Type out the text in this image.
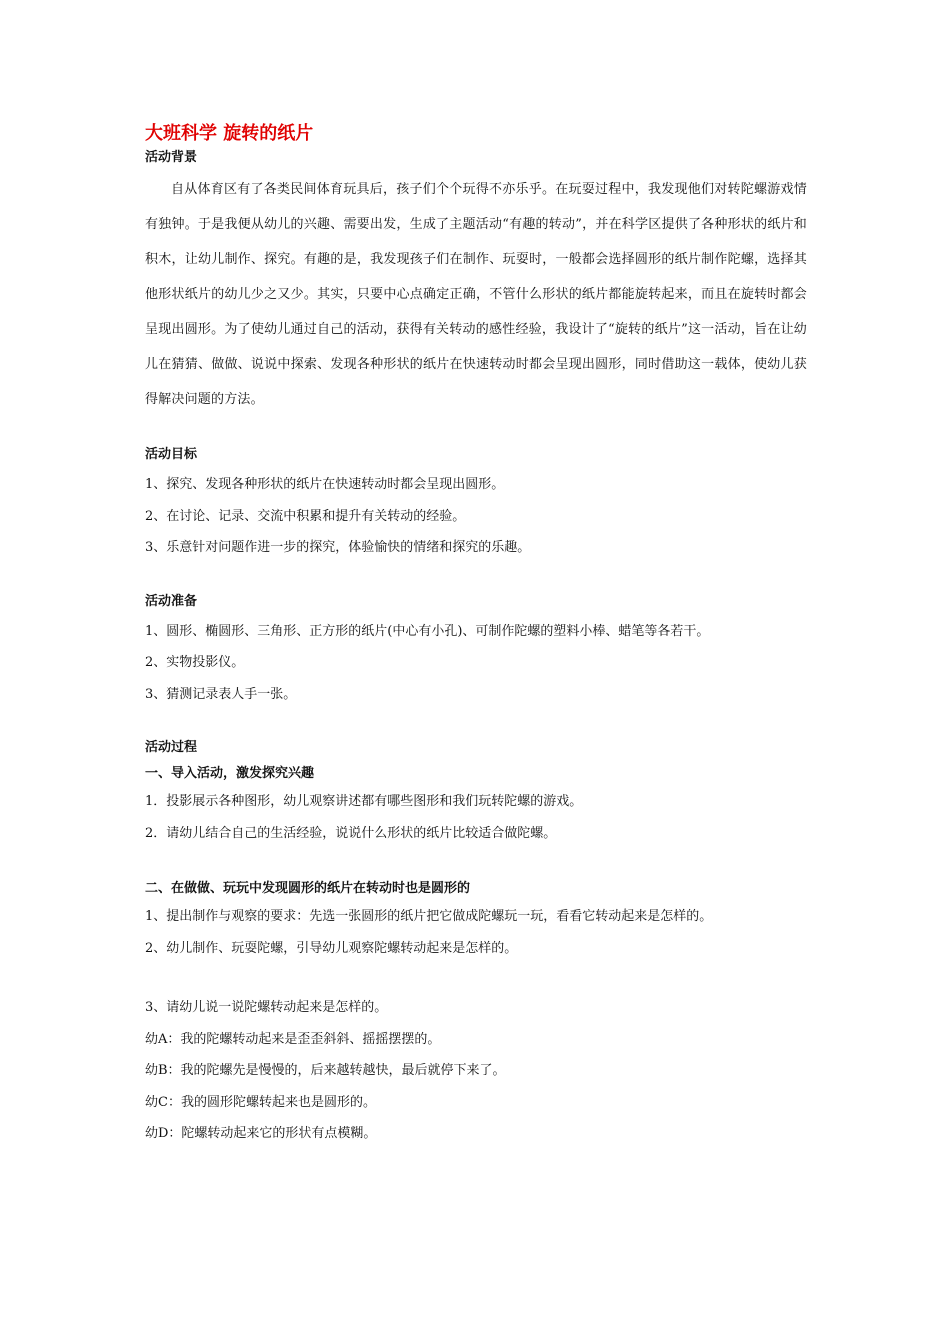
大班科学 旋转的纸片
活动背景

自从体育区有了各类民间体育玩具后，孩子们个个玩得不亦乐乎。在玩耍过程中，我发现他们对转陀螺游戏情有独钟。于是我便从幼儿的兴趣、需要出发，生成了主题活动“有趣的转动”，并在科学区提供了各种形状的纸片和积木，让幼儿制作、探究。有趣的是，我发现孩子们在制作、玩耍时，一般都会选择圆形的纸片制作陀螺，选择其他形状纸片的幼儿少之又少。其实，只要中心点确定正确，不管什么形状的纸片都能旋转起来，而且在旋转时都会呈现出圆形。为了使幼儿通过自己的活动，获得有关转动的感性经验，我设计了“旋转的纸片”这一活动，旨在让幼儿在猜猜、做做、说说中探索、发现各种形状的纸片在快速转动时都会呈现出圆形，同时借助这一载体，使幼儿获得解决问题的方法。

活动目标

1、探究、发现各种形状的纸片在快速转动时都会呈现出圆形。

2、在讨论、记录、交流中积累和提升有关转动的经验。

3、乐意针对问题作进一步的探究，体验愉快的情绪和探究的乐趣。

活动准备

1、圆形、椭圆形、三角形、正方形的纸片(中心有小孔)、可制作陀螺的塑料小棒、蜡笔等各若干。

2、实物投影仪。

3、猜测记录表人手一张。

活动过程
一、导入活动，激发探究兴趣

1．投影展示各种图形，幼儿观察讲述都有哪些图形和我们玩转陀螺的游戏。

2．请幼儿结合自己的生活经验，说说什么形状的纸片比较适合做陀螺。

二、在做做、玩玩中发现圆形的纸片在转动时也是圆形的

1、提出制作与观察的要求：先选一张圆形的纸片把它做成陀螺玩一玩，看看它转动起来是怎样的。

2、幼儿制作、玩耍陀螺，引导幼儿观察陀螺转动起来是怎样的。

3、请幼儿说一说陀螺转动起来是怎样的。

幼A：我的陀螺转动起来是歪歪斜斜、摇摇摆摆的。

幼B：我的陀螺先是慢慢的，后来越转越快，最后就停下来了。

幼C：我的圆形陀螺转起来也是圆形的。

幼D：陀螺转动起来它的形状有点模糊。
